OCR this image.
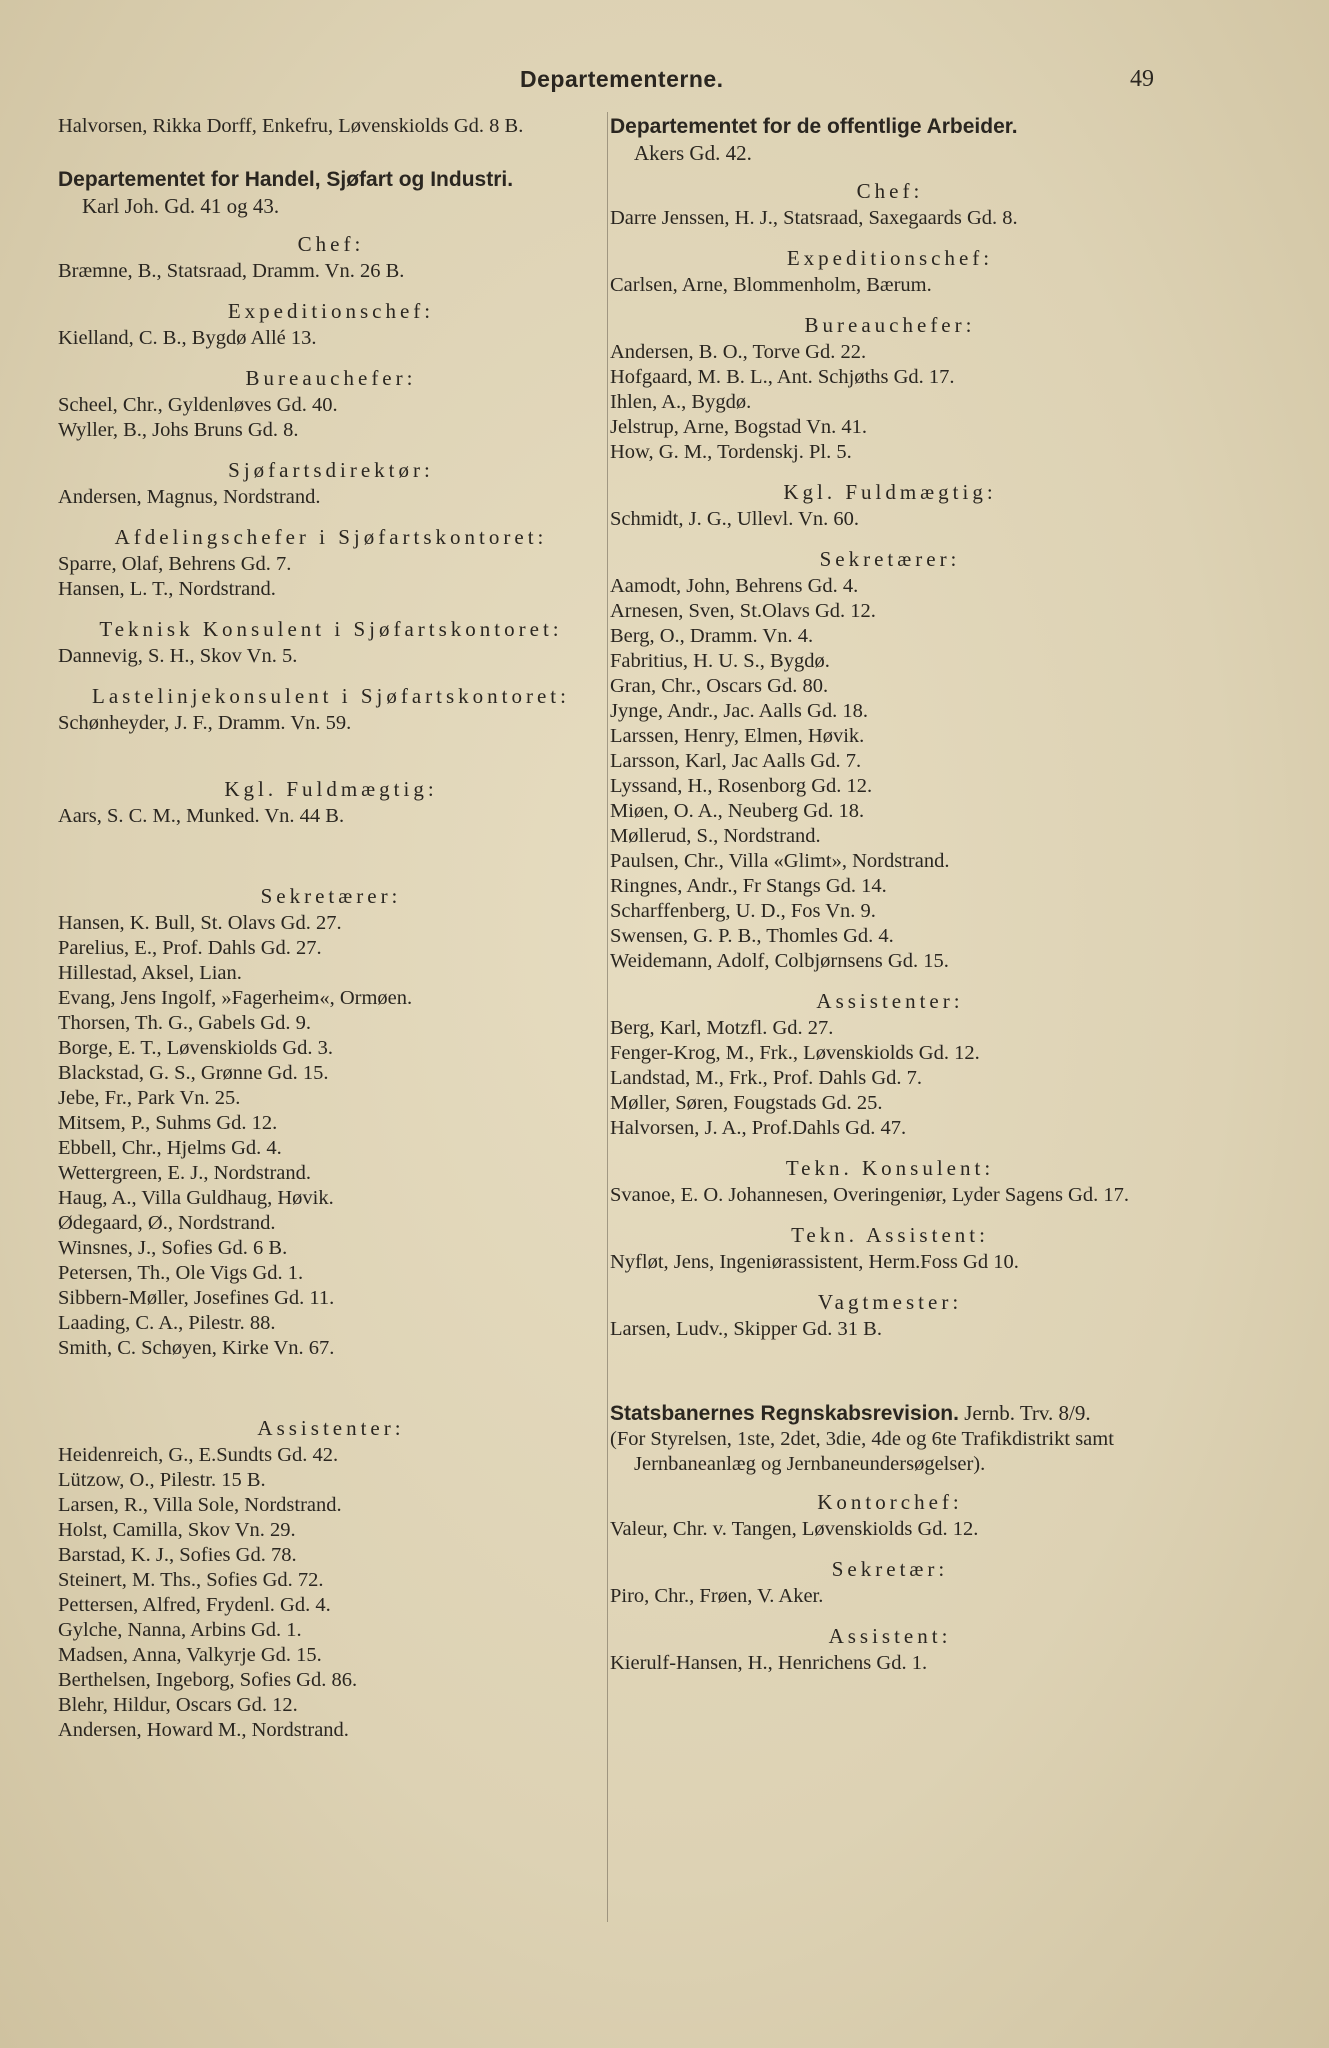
Departementerne.	49

Halvorsen, Rikka Dorff, Enkefru, Løvenskiolds Gd. 8 B.

Departementet for Handel, Sjøfart og Industri.

Karl Joh. Gd. 41 og 43.

Chef:

Bræmne, B., Statsraad, Dramm. Vn. 26 B.

Expeditionschef:

Kielland, C. B., Bygdø Allé 13.

Bureauchefer:

Scheel, Chr., Gyldenløves Gd. 40.

Wyller, B., Johs Bruns Gd. 8.

Sjøfartsdirektør:

Andersen, Magnus, Nordstrand.

Afdelingschefer i Sjøfartskontoret:

Sparre, Olaf, Behrens Gd. 7.

Hansen, L. T., Nordstrand.

Teknisk Konsulent i Sjøfartskontoret:

Dannevig, S. H., Skov Vn. 5.

Lastelinjekonsulent i Sjøfartskontoret:

Schønheyder, J. F., Dramm. Vn. 59.

Kgl. Fuldmægtig:

Aars, S. C. M., Munked. Vn. 44 B.

Sekretærer:

Hansen, K. Bull, St. Olavs Gd. 27.

Parelius, E., Prof. Dahls Gd. 27.

Hillestad, Aksel, Lian.

Evang, Jens Ingolf, »Fagerheim«, Ormøen.

Thorsen, Th. G., Gabels Gd. 9.

Borge, E. T., Løvenskiolds Gd. 3.

Blackstad, G. S., Grønne Gd. 15.

Jebe, Fr., Park Vn. 25.

Mitsem, P., Suhms Gd. 12.

Ebbell, Chr., Hjelms Gd. 4.

Wettergreen, E. J., Nordstrand.

Haug, A., Villa Guldhaug, Høvik.

Ødegaard, Ø., Nordstrand.

Winsnes, J., Sofies Gd. 6 B.

Petersen, Th., Ole Vigs Gd. 1.

Sibbern-Møller, Josefines Gd. 11.

Laading, C. A., Pilestr. 88.

Smith, C. Schøyen, Kirke Vn. 67.

Assistenter:

Heidenreich, G., E.Sundts Gd. 42.

Lützow, O., Pilestr. 15 B.

Larsen, R., Villa Sole, Nordstrand.

Holst, Camilla, Skov Vn. 29.

Barstad, K. J., Sofies Gd. 78.

Steinert, M. Ths., Sofies Gd. 72.

Pettersen, Alfred, Frydenl. Gd. 4.

Gylche, Nanna, Arbins Gd. 1.

Madsen, Anna, Valkyrje Gd. 15.

Berthelsen, Ingeborg, Sofies Gd. 86.

Blehr, Hildur, Oscars Gd. 12.

Andersen, Howard M., Nordstrand.

Departementet for de offentlige Arbeider.

Akers Gd. 42.

Chef:

Darre Jenssen, H. J., Statsraad, Saxegaards Gd. 8.

Expeditionschef:

Carlsen, Arne, Blommenholm, Bærum.

Bureauchefer:

Andersen, B. O., Torve Gd. 22.

Hofgaard, M. B. L., Ant. Schjøths Gd. 17.

Ihlen, A., Bygdø.

Jelstrup, Arne, Bogstad Vn. 41.

How, G. M., Tordenskj. Pl. 5.

Kgl. Fuldmægtig:

Schmidt, J. G., Ullevl. Vn. 60.

Sekretærer:

Aamodt, John, Behrens Gd. 4.

Arnesen, Sven, St.Olavs Gd. 12.

Berg, O., Dramm. Vn. 4.

Fabritius, H. U. S., Bygdø.

Gran, Chr., Oscars Gd. 80.

Jynge, Andr., Jac. Aalls Gd. 18.

Larssen, Henry, Elmen, Høvik.

Larsson, Karl, Jac Aalls Gd. 7.

Lyssand, H., Rosenborg Gd. 12.

Miøen, O. A., Neuberg Gd. 18.

Møllerud, S., Nordstrand.

Paulsen, Chr., Villa «Glimt», Nordstrand.

Ringnes, Andr., Fr Stangs Gd. 14.

Scharffenberg, U. D., Fos Vn. 9.

Swensen, G. P. B., Thomles Gd. 4.

Weidemann, Adolf, Colbjørnsens Gd. 15.

Assistenter:

Berg, Karl, Motzfl. Gd. 27.

Fenger-Krog, M., Frk., Løvenskiolds Gd. 12.

Landstad, M., Frk., Prof. Dahls Gd. 7.

Møller, Søren, Fougstads Gd. 25.

Halvorsen, J. A., Prof.Dahls Gd. 47.

Tekn. Konsulent:

Svanoe, E. O. Johannesen, Overingeniør, Lyder Sagens Gd. 17.

Tekn. Assistent:

Nyfløt, Jens, Ingeniørassistent, Herm.Foss Gd 10.

Vagtmester:

Larsen, Ludv., Skipper Gd. 31 B.

Statsbanernes Regnskabsrevision. Jernb. Trv. 8/9.

(For Styrelsen, 1ste, 2det, 3die, 4de og 6te Trafikdistrikt samt Jernbaneanlæg og Jernbaneundersøgelser).

Kontorchef:

Valeur, Chr. v. Tangen, Løvenskiolds Gd. 12.

Sekretær:

Piro, Chr., Frøen, V. Aker.

Assistent:

Kierulf-Hansen, H., Henrichens Gd. 1.
